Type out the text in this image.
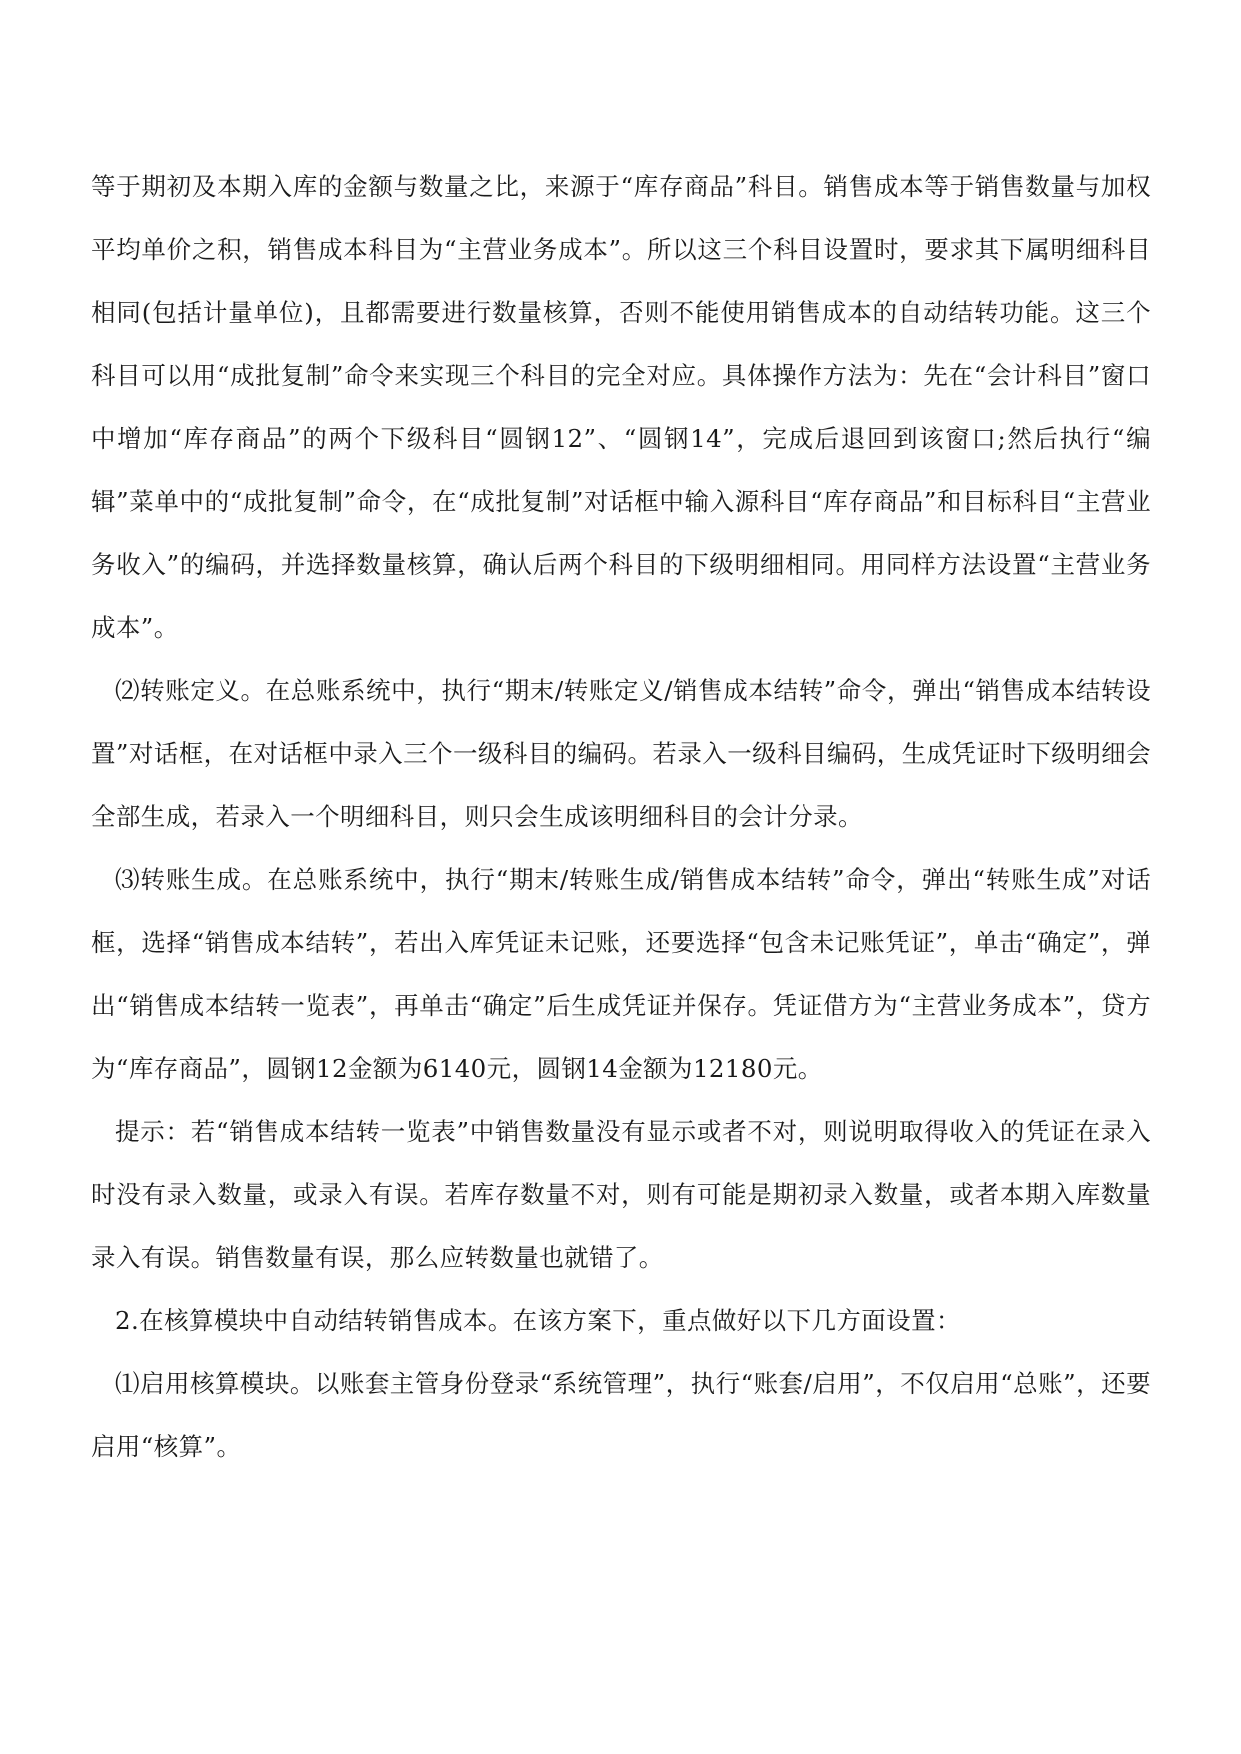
等于期初及本期入库的金额与数量之比，来源于“库存商品”科目。销售成本等于销售数量与加权平均单价之积，销售成本科目为“主营业务成本”。所以这三个科目设置时，要求其下属明细科目相同(包括计量单位)，且都需要进行数量核算，否则不能使用销售成本的自动结转功能。这三个科目可以用“成批复制”命令来实现三个科目的完全对应。具体操作方法为：先在“会计科目”窗口中增加“库存商品”的两个下级科目“圆钢12”、“圆钢14”，完成后退回到该窗口;然后执行“编辑”菜单中的“成批复制”命令，在“成批复制”对话框中输入源科目“库存商品”和目标科目“主营业务收入”的编码，并选择数量核算，确认后两个科目的下级明细相同。用同样方法设置“主营业务成本”。

⑵转账定义。在总账系统中，执行“期末/转账定义/销售成本结转”命令，弹出“销售成本结转设置”对话框，在对话框中录入三个一级科目的编码。若录入一级科目编码，生成凭证时下级明细会全部生成，若录入一个明细科目，则只会生成该明细科目的会计分录。

⑶转账生成。在总账系统中，执行“期末/转账生成/销售成本结转”命令，弹出“转账生成”对话框，选择“销售成本结转”，若出入库凭证未记账，还要选择“包含未记账凭证”，单击“确定”，弹出“销售成本结转一览表”，再单击“确定”后生成凭证并保存。凭证借方为“主营业务成本”，贷方为“库存商品”，圆钢12金额为6140元，圆钢14金额为12180元。

提示：若“销售成本结转一览表”中销售数量没有显示或者不对，则说明取得收入的凭证在录入时没有录入数量，或录入有误。若库存数量不对，则有可能是期初录入数量，或者本期入库数量录入有误。销售数量有误，那么应转数量也就错了。

2.在核算模块中自动结转销售成本。在该方案下，重点做好以下几方面设置：

⑴启用核算模块。以账套主管身份登录“系统管理”，执行“账套/启用”，不仅启用“总账”，还要启用“核算”。
